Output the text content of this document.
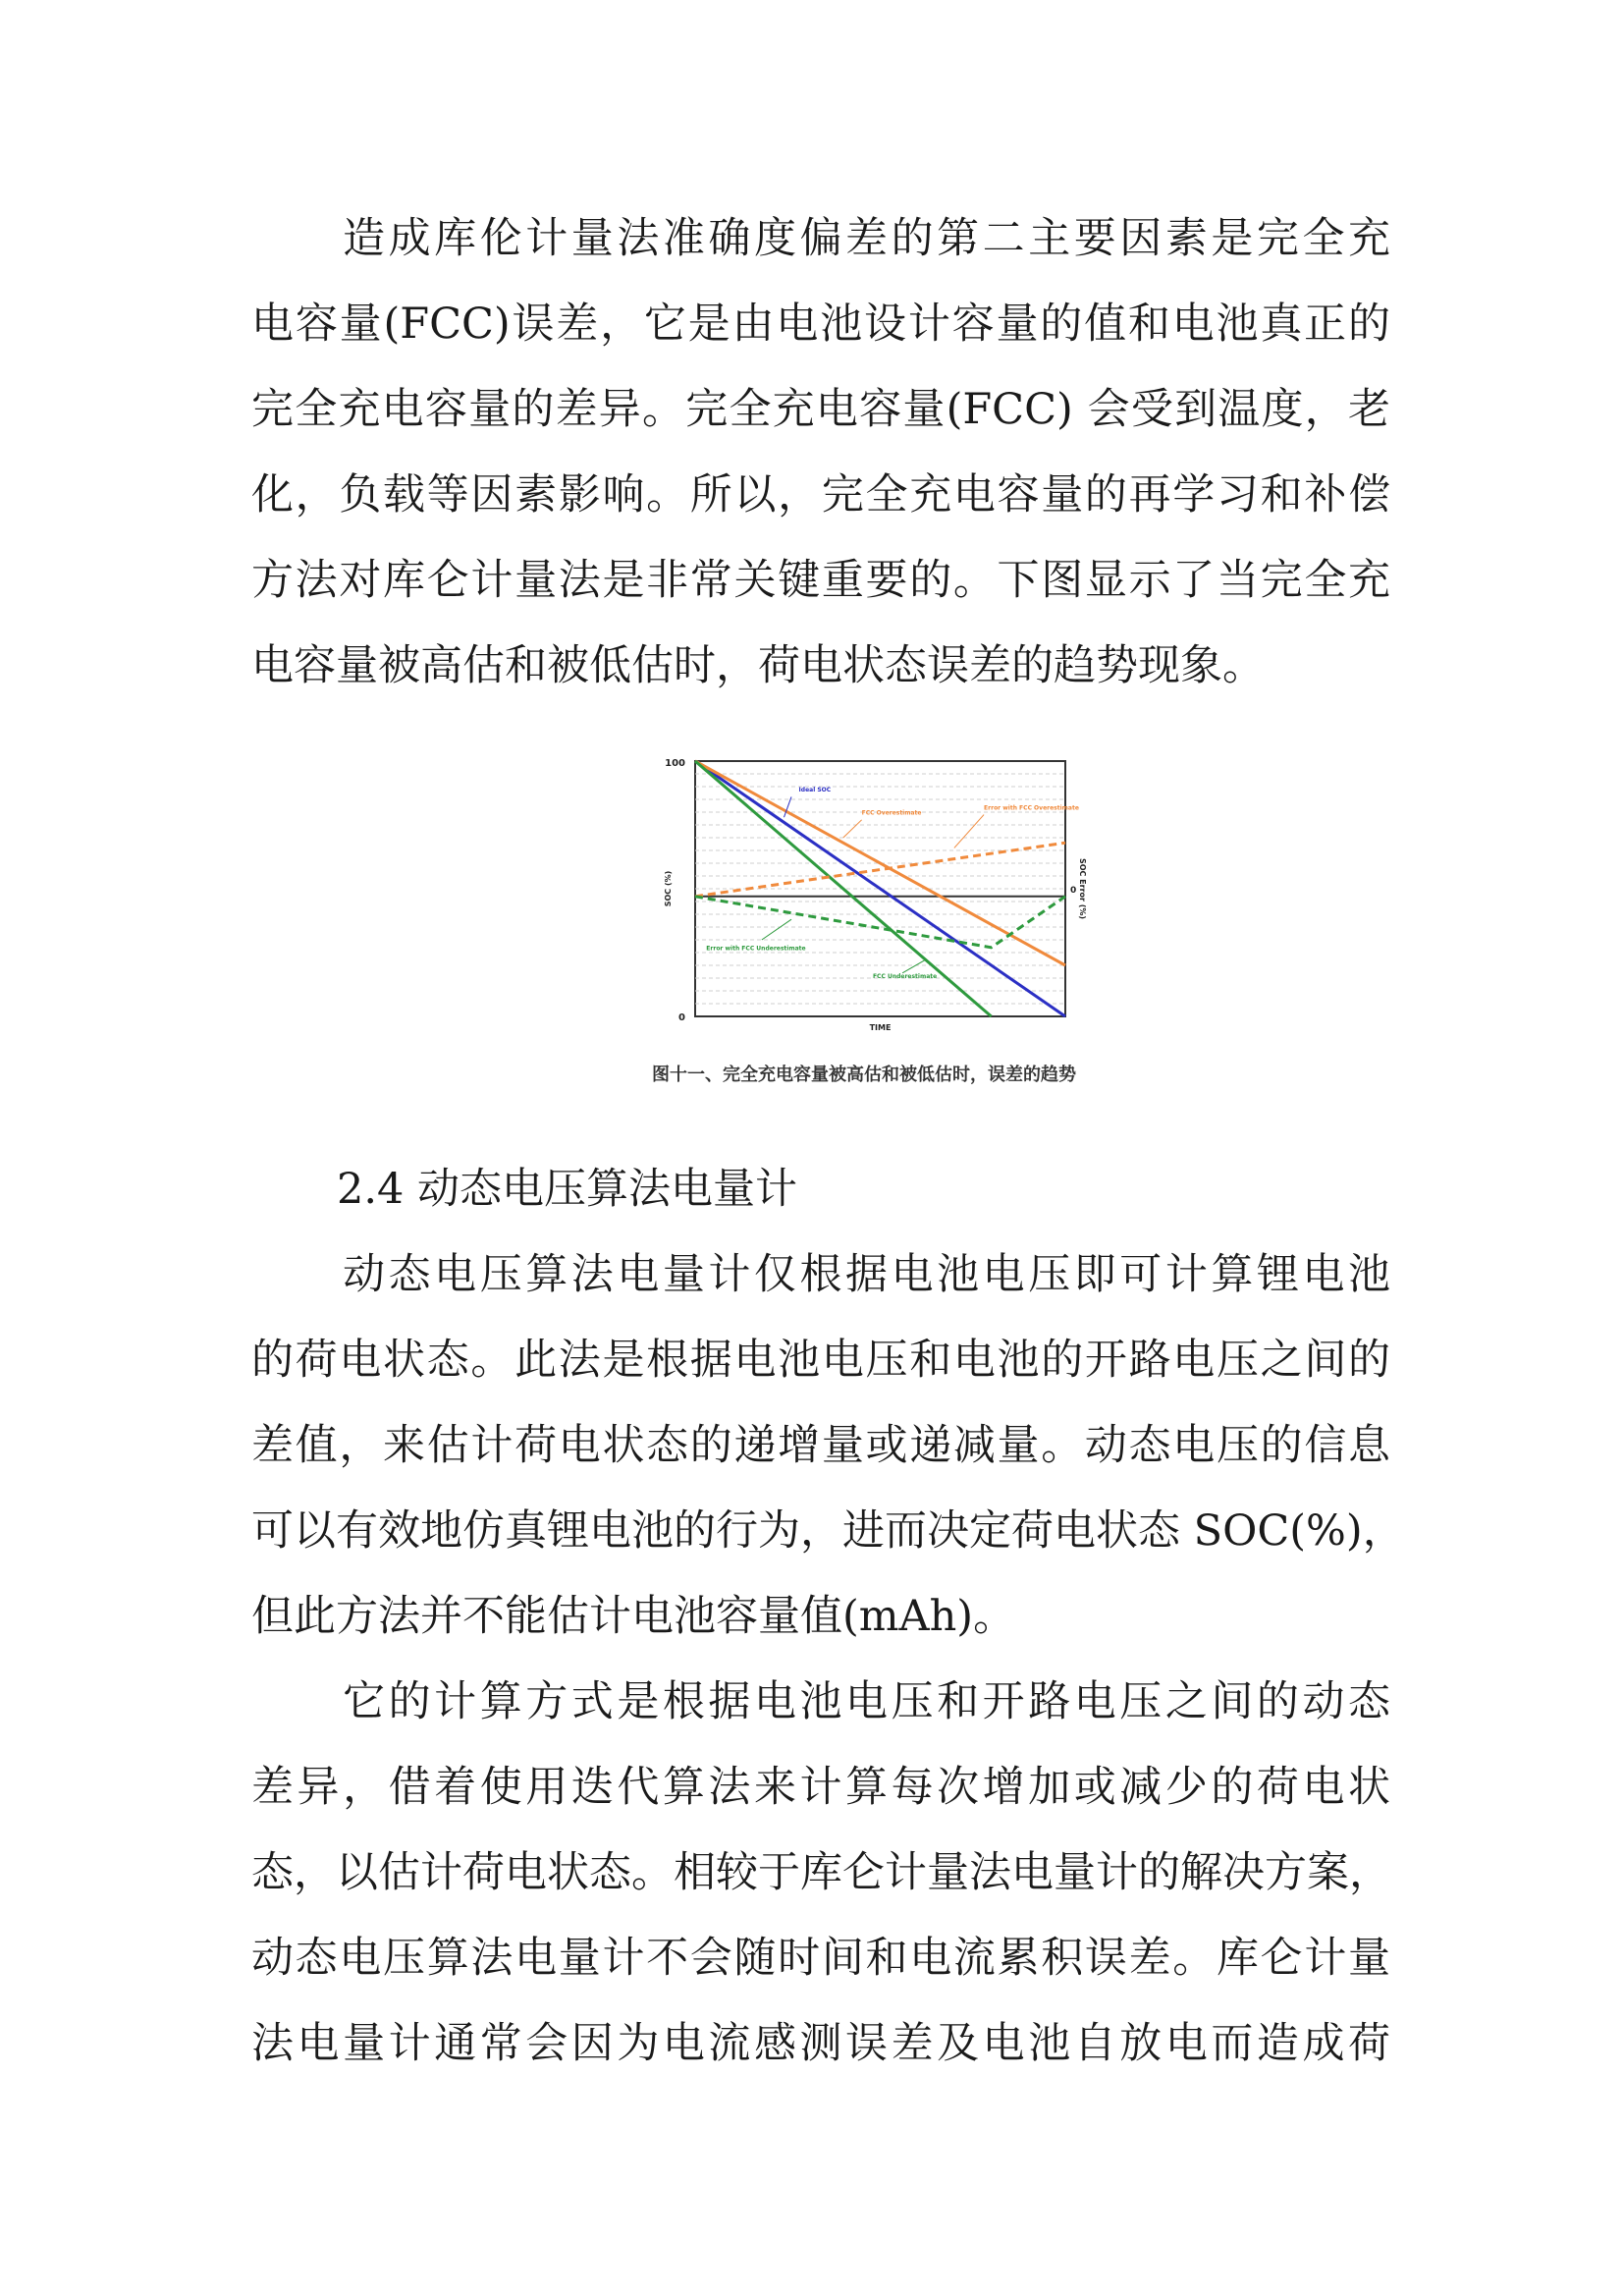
　　造成库伦计量法准确度偏差的第二主要因素是完全充
电容量(FCC)误差，它是由电池设计容量的值和电池真正的
完全充电容量的差异。完全充电容量(FCC) 会受到温度，老
化，负载等因素影响。所以，完全充电容量的再学习和补偿
方法对库仑计量法是非常关键重要的。下图显示了当完全充
电容量被高估和被低估时，荷电状态误差的趋势现象。
100
0
0
TIME
SOC (%)	SOC Error (%)
Ideal SOC
FCC Overestimate
Error with FCC Overestimate
Error with FCC Underestimate
FCC Underestimate
图十一、完全充电容量被高估和被低估时，误差的趋势
2.4 动态电压算法电量计
　　动态电压算法电量计仅根据电池电压即可计算锂电池
的荷电状态。此法是根据电池电压和电池的开路电压之间的
差值，来估计荷电状态的递增量或递减量。动态电压的信息
可以有效地仿真锂电池的行为，进而决定荷电状态 SOC(%)，
但此方法并不能估计电池容量值(mAh)。
　　它的计算方式是根据电池电压和开路电压之间的动态
差异，借着使用迭代算法来计算每次增加或减少的荷电状
态，以估计荷电状态。相较于库仑计量法电量计的解决方案，
动态电压算法电量计不会随时间和电流累积误差。库仑计量
法电量计通常会因为电流感测误差及电池自放电而造成荷
